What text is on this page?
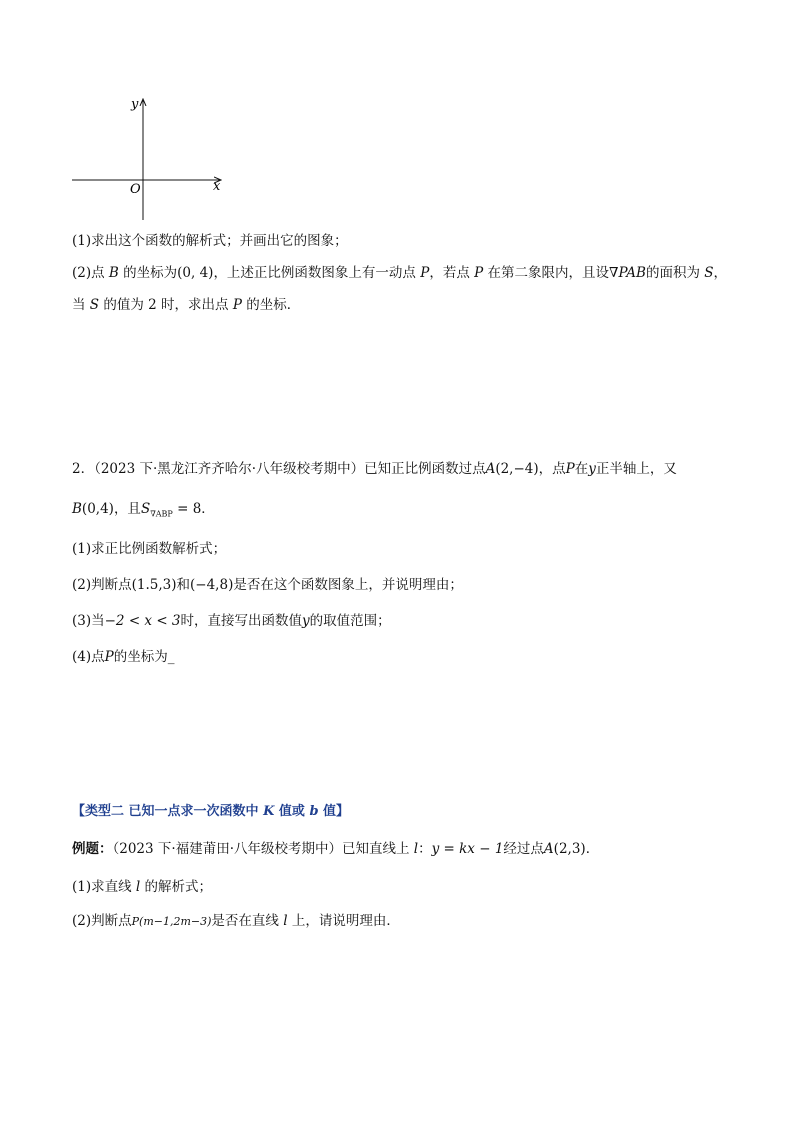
x
y
O
(1)求出这个函数的解析式；并画出它的图象；
(2)点 B 的坐标为(0, 4)，上述正比例函数图象上有一动点 P，若点 P 在第二象限内，且设∇PAB的面积为 S，
当 S 的值为 2 时，求出点 P 的坐标．
2．（2023 下·黑龙江齐齐哈尔·八年级校考期中）已知正比例函数过点A(2,−4)，点P在y正半轴上，又
B(0,4)，且$S_{\nabla ABP} = 8$．
(1)求正比例函数解析式；
(2)判断点(1.5,3)和(−4,8)是否在这个函数图象上，并说明理由；
(3)当−2 < x < 3时，直接写出函数值y的取值范围；
(4)点P的坐标为_
【类型二 已知一点求一次函数中 K 值或 b 值】
例题：（2023 下·福建莆田·八年级校考期中）已知直线上 l：y = kx − 1经过点A(2,3)．
(1)求直线 l 的解析式；
(2)判断点P(m−1,2m−3)是否在直线 l 上，请说明理由．
